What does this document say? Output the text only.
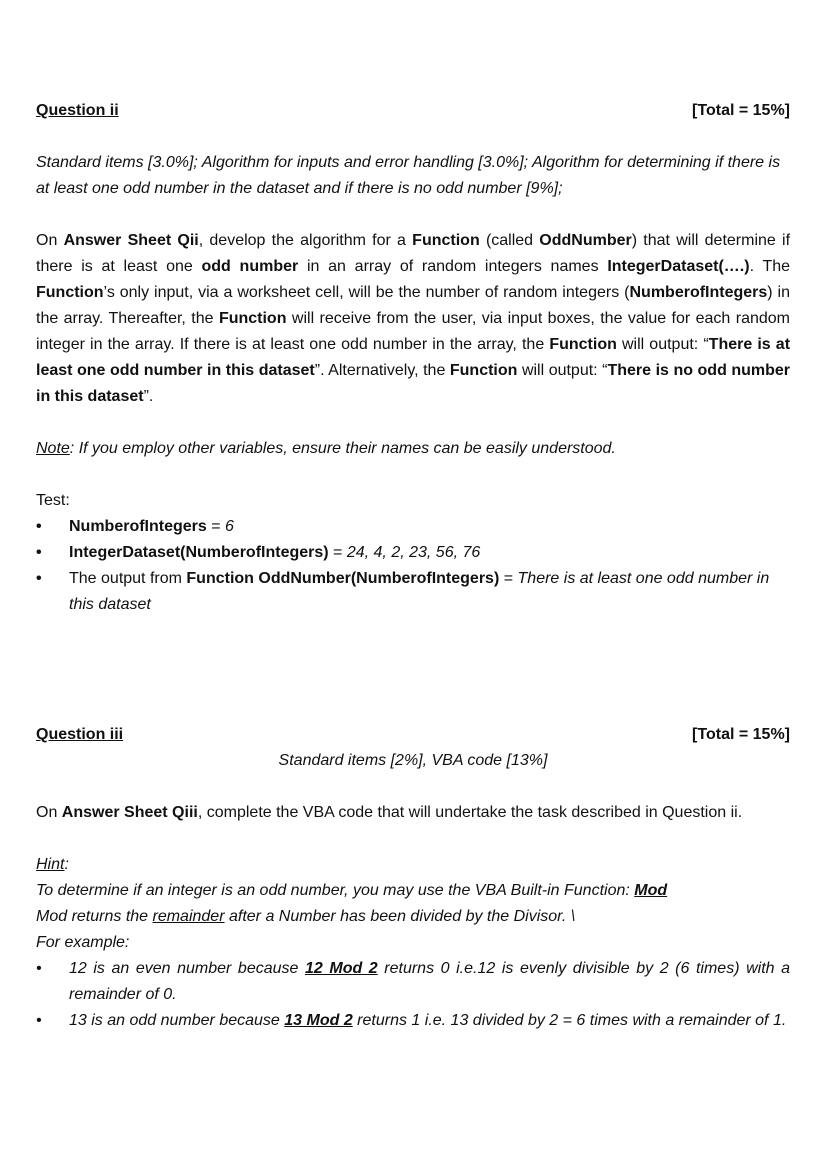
Question ii	[Total = 15%]

Standard items [3.0%]; Algorithm for inputs and error handling [3.0%]; Algorithm for determining if there is at least one odd number in the dataset and if there is no odd number [9%];

On Answer Sheet Qii, develop the algorithm for a Function (called OddNumber) that will determine if there is at least one odd number in an array of random integers names IntegerDataset(….). The Function’s only input, via a worksheet cell, will be the number of random integers (NumberofIntegers) in the array. Thereafter, the Function will receive from the user, via input boxes, the value for each random integer in the array. If there is at least one odd number in the array, the Function will output: “There is at least one odd number in this dataset”. Alternatively, the Function will output: “There is no odd number in this dataset”.

Note: If you employ other variables, ensure their names can be easily understood.

Test:

• NumberofIntegers = 6
• IntegerDataset(NumberofIntegers) = 24, 4, 2, 23, 56, 76
• The output from Function OddNumber(NumberofIntegers) = There is at least one odd number in this dataset
Question iii	[Total = 15%]

Standard items [2%], VBA code [13%]

On Answer Sheet Qiii, complete the VBA code that will undertake the task described in Question ii.

Hint:

To determine if an integer is an odd number, you may use the VBA Built-in Function: Mod

Mod returns the remainder after a Number has been divided by the Divisor. \

For example:

• 12 is an even number because 12 Mod 2 returns 0 i.e.12 is evenly divisible by 2 (6 times) with a remainder of 0.
• 13 is an odd number because 13 Mod 2 returns 1 i.e. 13 divided by 2 = 6 times with a remainder of 1.
